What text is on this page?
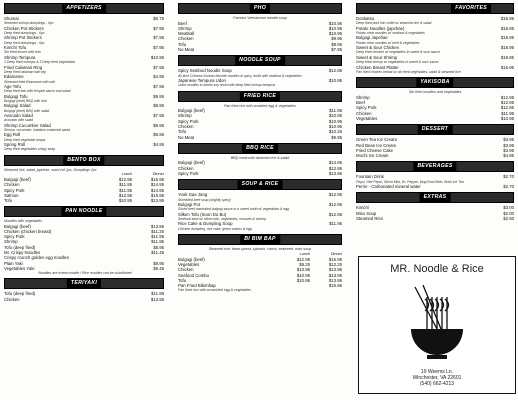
APPETIZERS
Shumai	$6.75
Steamed shrimp dumplings - 6pc
Chicken Pot Stickers	$7.95
Deep fried dumplings - 6pc
Shrimp Pot Stickers	$7.95
Deep fried dumplings - 6pc
Kimchi Tofu	$7.95
Stir fried kimchi with tofu
Shrimp Tempura	$10.95
3 Deep fried shrimps & 3 Deep fried vegetables
Fried Calamari Ring	$7.95
Deep fried calamari with dip
Edamame	$4.95
Steamed fried Edamame with salt
Age Tofu	$7.95
Deep fried tofu with teriyaki sauce and salad
Bulgogi Tofu	$9.95
Bulgogi (beef) BBQ with tofu
Bulgogi Salad	$8.95
Bulgogi (beef) BBQ with salad
Avocado Salad	$7.95
Avocado with salad
Shrimp Cucumber Salad	$9.95
Shrimp, cucumber, imitation crabmeat salad
Egg Roll	$5.95
Deep fried vegetable wraps
Spring Roll	$4.95
Deep fried vegetables crispy wrap
BENTO BOX
Steamed rice, salad, japchae, sushi roll 2pc, Dumplings 2pc
Lunch	Dinner
Bulgogi (beef)	$12.95	$15.95
Chicken	$11.95	$14.95
Spicy Pork	$11.95	$14.95
Salmon	$12.95	$15.95
Tofu	$10.95	$13.95
PAN NOODLE
Noodles with vegetables
Bulgogi (beef)	$13.95
Chicken (chicken breast)	$11.25
Spicy Pork	$11.95
Shrimp	$11.95
Tofu (deep fried)	$8.95
Mr. Crispy Noodles	$11.45
Crispy crunch golden egg noodles
Plain Yaki	$8.95
Vegetables Yaki	$9.45
Noodles are wheat noodle / Rice noodles can be substituted
TERIYAKI
Tofu (deep fried)	$11.95
Chicken	$13.95
PHO
Famous Vietnamese noodle soup
Beef	$10.95
Shrimp	$10.95
Meatball	$10.95
Chicken	$9.95
Tofu	$8.95
No Meat	$7.95
NOODLE SOUP
Spicy Seafood Noodle Soup	$12.95
All time Chinese-Korean favorite noodles in spicy, broth with seafood & vegetables
Japanese Tempura Udon	$10.95
Udon noodles in bonito soy broth with deep fried shrimp tempura
FRIED RICE
Pan fried rice with scrabled egg & vegetables
Bulgogi (beef)	$11.95
Shrimp	$10.95
Spicy Pork	$10.95
Chicken	$10.95
Tofu	$10.25
No Meat	$9.95
BBQ RICE
BBQ meat with steamed rice & salad
Bulgogi (beef)	$14.95
Chicken	$12.95
Spicy Pork	$13.95
SOUP & RICE
Yook Gae Jang	$12.95
Shredded beef soup (slightly spicy)
Bulgogi Pot	$12.95
Sliced beef marinated bulgogi sauce in a sweet broth w/ vegetables & egg
Silken Tofu (Soon Du Bu)	$12.95
Seafood stew w/ silken tofu, vegetables, mussels & shrimp
Rice Cake & Dumpling Soup	$11.95
Chicken dumpling, rice cake, green onions & egg
BI BIM BAP
Steamed rice, bean sprout, spinach, carrot, seaweed, miso soup
Lunch	Dinner
Bulgogi (beef)	$12.95	$15.95
Vegetables	$9.25	$12.25
Chicken	$10.95	$13.95
Seafood Combo	$10.95	$13.95
Tofu	$10.95	$13.95
Pan Fried Bibimbap	$15.95
Pan fried rice with scrambled egg & vegetables
FAVORITES
Donkatsu	$16.95
Deep fried pork loin cutlet w/ steamed rice & salad
Potato Noodles (japchae)	$15.95
Potato clear noodles w/ seafood & vegetables
Bulgogi Japchae	$18.95
Potato clear noodles w/ beef & vegetables
Sweet & Sour Chicken	$18.95
Deep fried chicken w/ vegetables in sweet & sour sauce
Sweet & Sour Shrimp	$19.95
Deep fried shrimp w/ vegetables in sweet & sour sauce
Chicken Breast Platter	$16.95
Pan fried chicken breast w/ stir fried vegetables, salad & steamed rice
YAKISOBA
Stir fried noodles and vegetables
Shrimp	$12.95
Beef	$12.95
Spicy Pork	$12.95
Chicken	$11.95
Vegetables	$10.95
DESSERT
Green Tea Ice Cream	$3.95
Red Bean Ice Cream	$3.95
Fried Cheese Cake	$3.95
Mochi Ice Cream	$4.95
BEVERAGES
Fountain Drink	$2.70
Pepsi, Diet Pepsi, Sierra Mist, Dr. Pepper, Mug Root Beer, Brisk Ice Tea
Perrie - Carbonated mineral water	$2.70
EXTRAS
Kimchi	$3.00
Miso Soup	$2.00
Steamed Rice	$2.50
MR. Noodle & Rice
19 Weems Ln.
Winchester, VA 22601
(540) 662-4213
